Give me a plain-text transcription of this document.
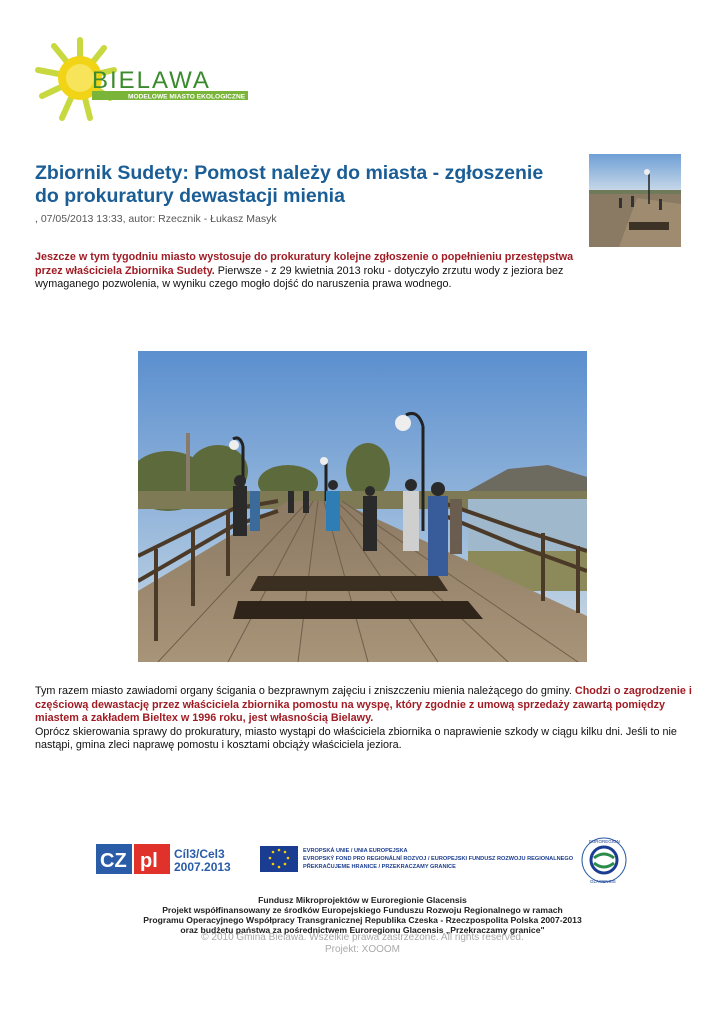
BIELAWA
MODELOWE MIASTO EKOLOGICZNE
Zbiornik Sudety: Pomost należy do miasta - zgłoszenie
do prokuratury dewastacji mienia
, 07/05/2013 13:33, autor: Rzecznik - Łukasz Masyk

Jeszcze w tym tygodniu miasto wystosuje do prokuratury kolejne zgłoszenie o popełnieniu przestępstwa przez właściciela Zbiornika Sudety. Pierwsze - z 29 kwietnia 2013 roku - dotyczyło zrzutu wody z jeziora bez wymaganego pozwolenia, w wyniku czego mogło dojść do naruszenia prawa wodnego.

Tym razem miasto zawiadomi organy ścigania o bezprawnym zajęciu i zniszczeniu mienia należącego do gminy. Chodzi o zagrodzenie i częściową dewastację przez właściciela zbiornika pomostu na wyspę, który zgodnie z umową sprzedaży zawartą pomiędzy miastem a zakładem Bieltex w 1996 roku, jest własnością Bielawy.
Oprócz skierowania sprawy do prokuratury, miasto wystąpi do właściciela zbiornika o naprawienie szkody w ciągu kilku dni. Jeśli to nie nastąpi, gmina zleci naprawę pomostu i kosztami obciąży właściciela jeziora.

CZ pl Cíl3/Cel3
2007.2013
EVROPSKÁ UNIE / UNIA EUROPEJSKA
EVROPSKÝ FOND PRO REGIONÁLNÍ ROZVOJ / EUROPEJSKI FUNDUSZ ROZWOJU REGIONALNEGO
PŘEKRAČUJEME HRANICE / PRZEKRACZAMY GRANICE
EUROREGION
GLACENSIS
Fundusz Mikroprojektów w Euroregionie Glacensis
Projekt współfinansowany ze środków Europejskiego Funduszu Rozwoju Regionalnego w ramach
Programu Operacyjnego Współpracy Transgranicznej Republika Czeska - Rzeczpospolita Polska 2007-2013
oraz budżetu państwa za pośrednictwem Euroregionu Glacensis „Przekraczamy granice"
© 2010 Gmina Bielawa. Wszelkie prawa zastrzeżone. All rights reserved.
Projekt: XOOOM
